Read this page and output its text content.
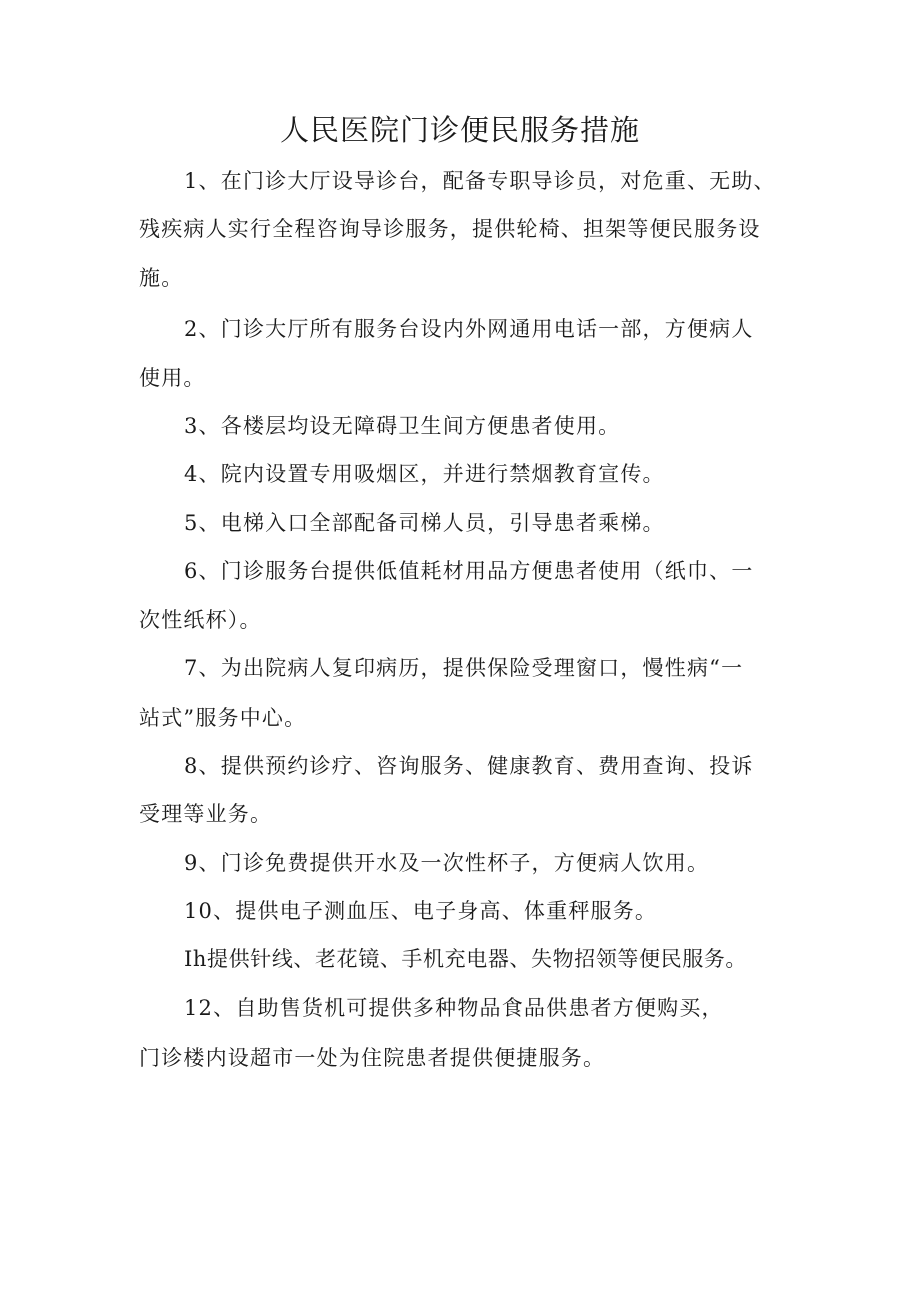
人民医院门诊便民服务措施

1、在门诊大厅设导诊台，配备专职导诊员，对危重、无助、

残疾病人实行全程咨询导诊服务，提供轮椅、担架等便民服务设

施。

2、门诊大厅所有服务台设内外网通用电话一部，方便病人

使用。

3、各楼层均设无障碍卫生间方便患者使用。

4、院内设置专用吸烟区，并进行禁烟教育宣传。

5、电梯入口全部配备司梯人员，引导患者乘梯。

6、门诊服务台提供低值耗材用品方便患者使用（纸巾、一

次性纸杯）。

7、为出院病人复印病历，提供保险受理窗口，慢性病“一

站式”服务中心。

8、提供预约诊疗、咨询服务、健康教育、费用查询、投诉

受理等业务。

9、门诊免费提供开水及一次性杯子，方便病人饮用。

10、提供电子测血压、电子身高、体重秤服务。

Ih提供针线、老花镜、手机充电器、失物招领等便民服务。

12、自助售货机可提供多种物品食品供患者方便购买，

门诊楼内设超市一处为住院患者提供便捷服务。
